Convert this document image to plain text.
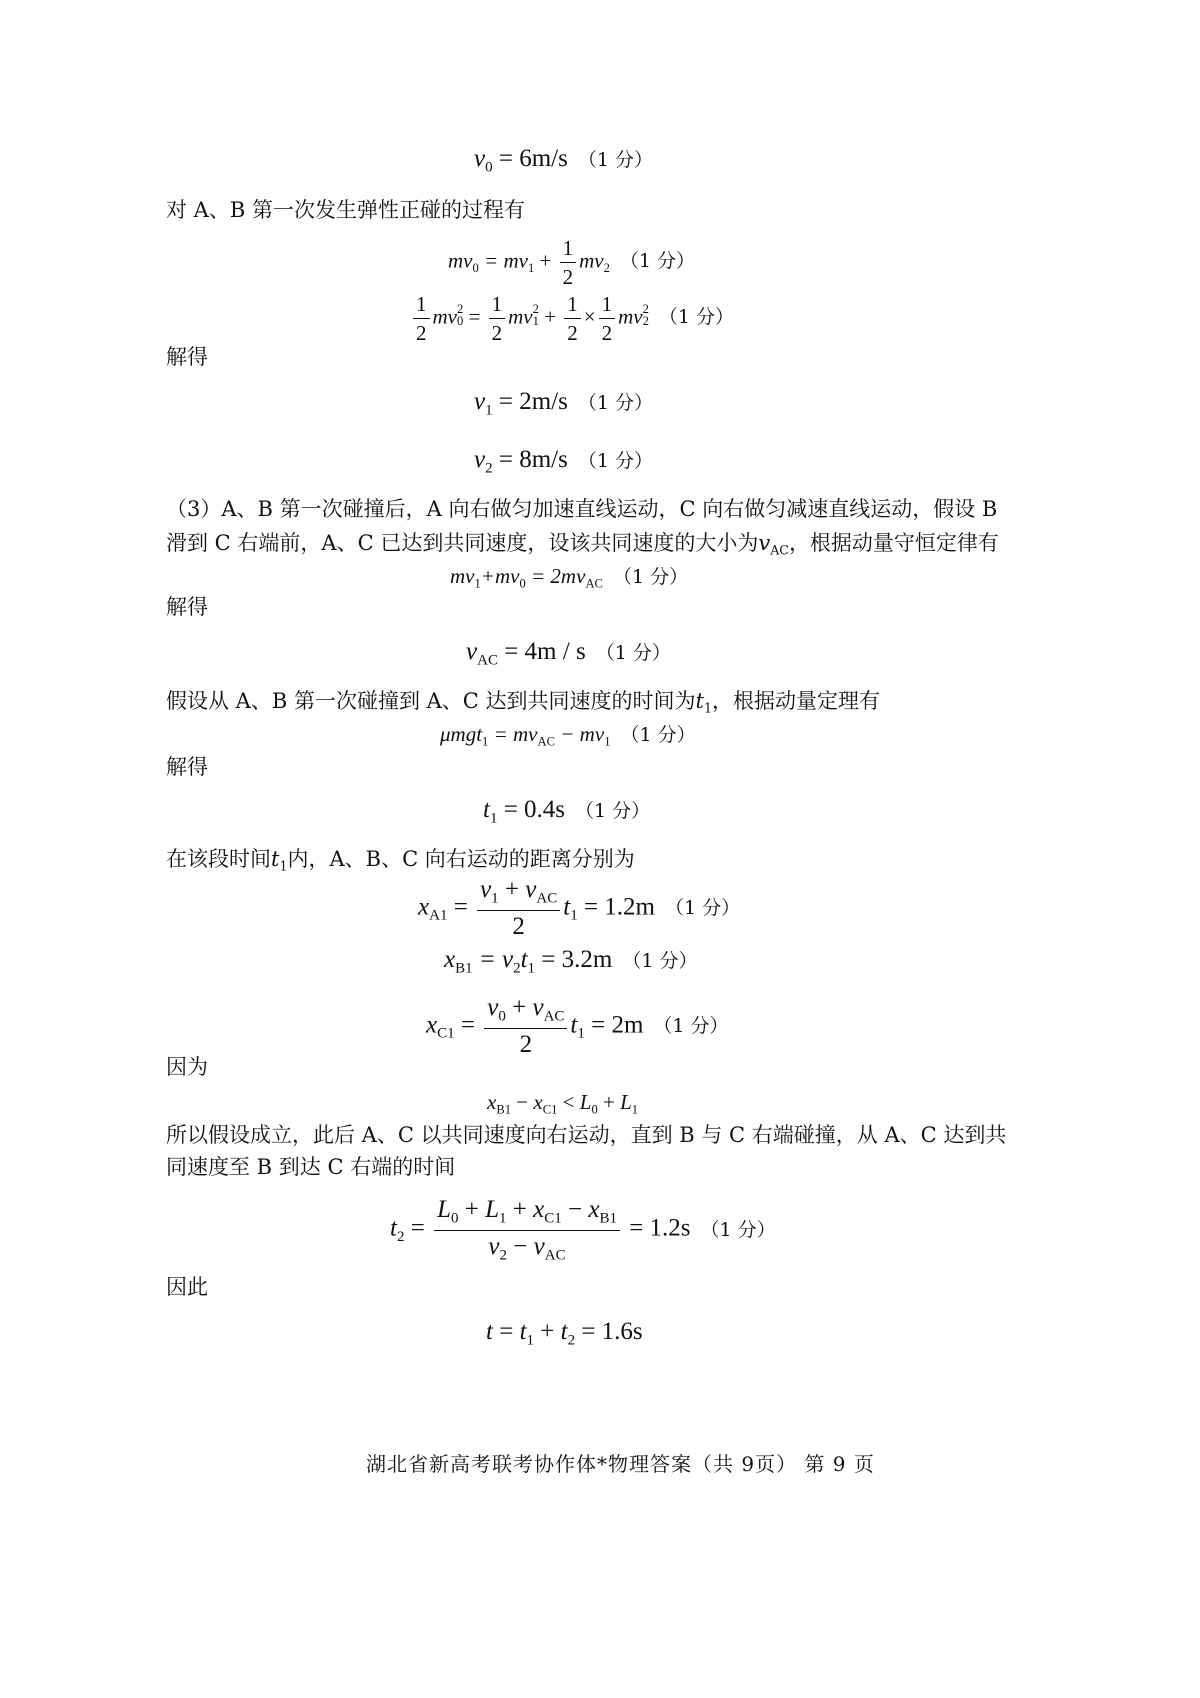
$v_0 = 6m/s$ （1 分）
对 A、B 第一次发生弹性正碰的过程有
$mv_0 = mv_1 + \frac{1}{2} mv_2$ （1 分）
$\frac{1}{2}$ mv 2
$0 = \frac{1}{2}$ mv 2
$1 + \frac{1}{2} \times \frac{1}{2}$ mv 2
2 （1 分）
解得
$v_1 = 2m/s$ （1 分）
$v_2 = 8m/s$ （1 分）
（3）A、B 第一次碰撞后，A 向右做匀加速直线运动，C 向右做匀减速直线运动，假设 B
滑到 C 右端前，A、C 已达到共同速度，设该共同速度的大小为$v_{AC}$，根据动量守恒定律有
$mv_1+mv_0 = 2mv_{AC}$ （1 分）
解得
$v_{AC} = 4m / s$ （1 分）
假设从 A、B 第一次碰撞到 A、C 达到共同速度的时间为$t_1$，根据动量定理有
$\mu mgt_1 = mv_{AC} - mv_1$ （1 分）
解得
$t_1 = 0.4s$ （1 分）
在该段时间$t_1$内，A、B、C 向右运动的距离分别为
$x_{A1} = \frac{v_1 + v_{AC}}{2} t_1 = 1.2m$ （1 分）
$x_{B1} = v_2t_1 = 3.2m$ （1 分）
$x_{C1} = \frac{v_0 + v_{AC}}{2} t_1 = 2m$ （1 分）
因为
$x_{B1} - x_{C1} < L_0 + L_1$
所以假设成立，此后 A、C 以共同速度向右运动，直到 B 与 C 右端碰撞，从 A、C 达到共
同速度至 B 到达 C 右端的时间
$t_2 = \frac{L_0 + L_1 + x_{C1} - x_{B1}}{v_2 - v_{AC}} = 1.2s$ （1 分）
因此
$t = t_1 + t_2 = 1.6s$
湖北省新高考联考协作体*物理答案（共 9页） 第 9 页
